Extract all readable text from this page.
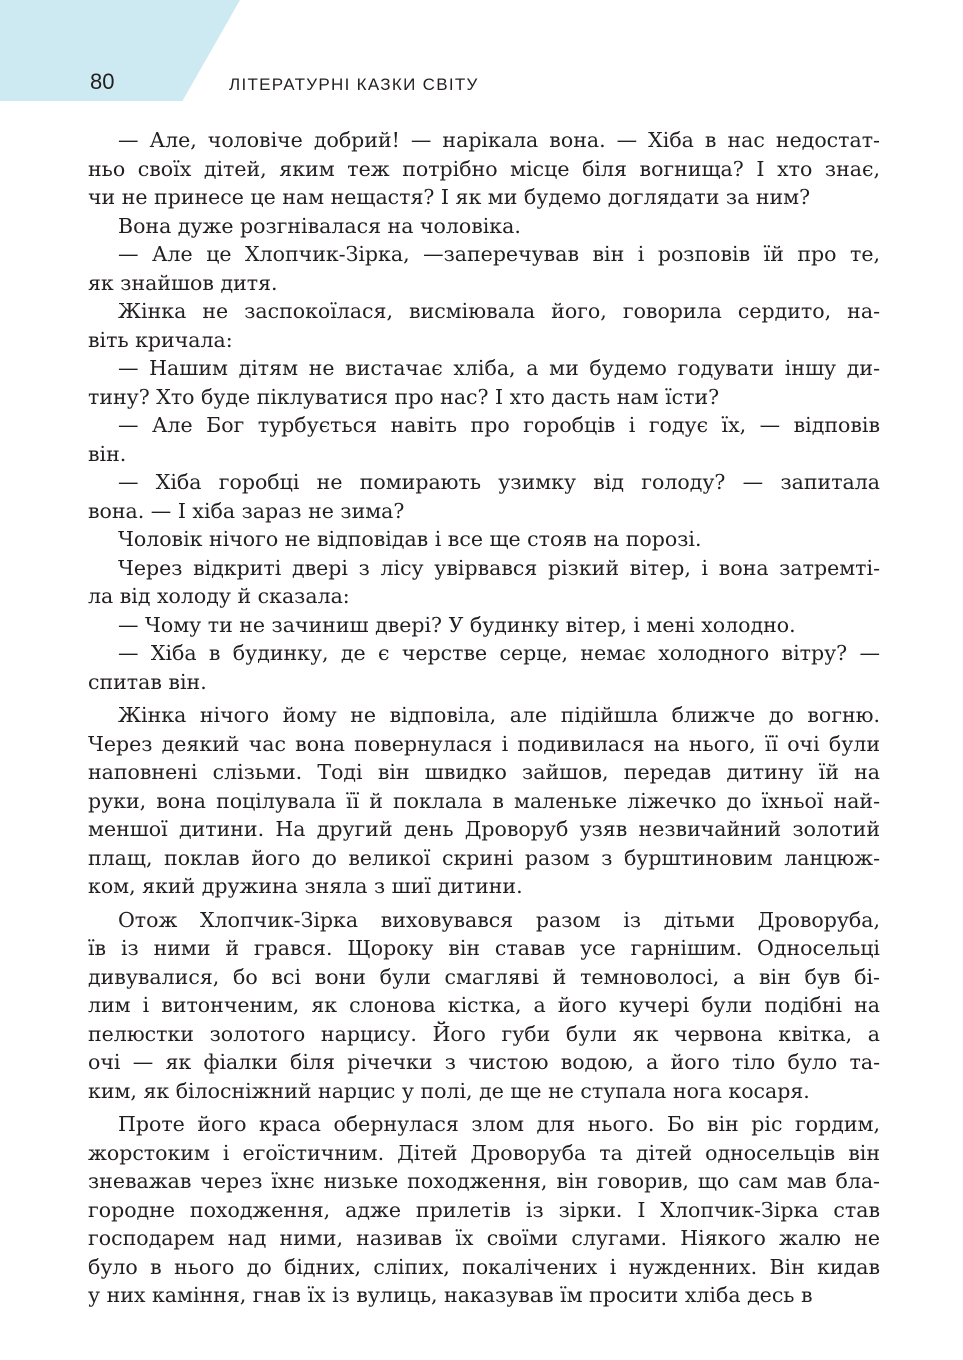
80	ЛІТЕРАТУРНІ КАЗКИ СВІТУ
— Але, чоловіче добрий! — нарікала вона. — Хіба в нас недостат-
ньо своїх дітей, яким теж потрібно місце біля вогнища? І хто знає,
чи не принесе це нам нещастя? І як ми будемо доглядати за ним?
Вона дуже розгнівалася на чоловіка.
— Але це Хлопчик-Зірка, —заперечував він і розповів їй про те,
як знайшов дитя.
Жінка не заспокоїлася, висміювала його, говорила сердито, на-
віть кричала:
— Нашим дітям не вистачає хліба, а ми будемо годувати іншу ди-
тину? Хто буде піклуватися про нас? І хто дасть нам їсти?
— Але Бог турбується навіть про горобців і годує їх, — відповів
він.
— Хіба горобці не помирають узимку від голоду? — запитала
вона. — І хіба зараз не зима?
Чоловік нічого не відповідав і все ще стояв на порозі.
Через відкриті двері з лісу увірвався різкий вітер, і вона затремті-
ла від холоду й сказала:
— Чому ти не зачиниш двері? У будинку вітер, і мені холодно.
— Хіба в будинку, де є черстве серце, немає холодного вітру? —
спитав він.
Жінка нічого йому не відповіла, але підійшла ближче до вогню.
Через деякий час вона повернулася і подивилася на нього, її очі були
наповнені слізьми. Тоді він швидко зайшов, передав дитину їй на
руки, вона поцілувала її й поклала в маленьке ліжечко до їхньої най-
меншої дитини. На другий день Дроворуб узяв незвичайний золотий
плащ, поклав його до великої скрині разом з бурштиновим ланцюж-
ком, який дружина зняла з шиї дитини.
Отож Хлопчик-Зірка виховувався разом із дітьми Дроворуба,
їв із ними й грався. Щороку він ставав усе гарнішим. Односельці
дивувалися, бо всі вони були смагляві й темноволосі, а він був бі-
лим і витонченим, як слонова кістка, а його кучері були подібні на
пелюстки золотого нарцису. Його губи були як червона квітка, а
очі — як фіалки біля річечки з чистою водою, а його тіло було та-
ким, як білосніжний нарцис у полі, де ще не ступала нога косаря.
Проте його краса обернулася злом для нього. Бо він ріс гордим,
жорстоким і егоїстичним. Дітей Дроворуба та дітей односельців він
зневажав через їхнє низьке походження, він говорив, що сам мав бла-
городне походження, адже прилетів із зірки. І Хлопчик-Зірка став
господарем над ними, називав їх своїми слугами. Ніякого жалю не
було в нього до бідних, сліпих, покалічених і нужденних. Він кидав
у них каміння, гнав їх із вулиць, наказував їм просити хліба десь в
